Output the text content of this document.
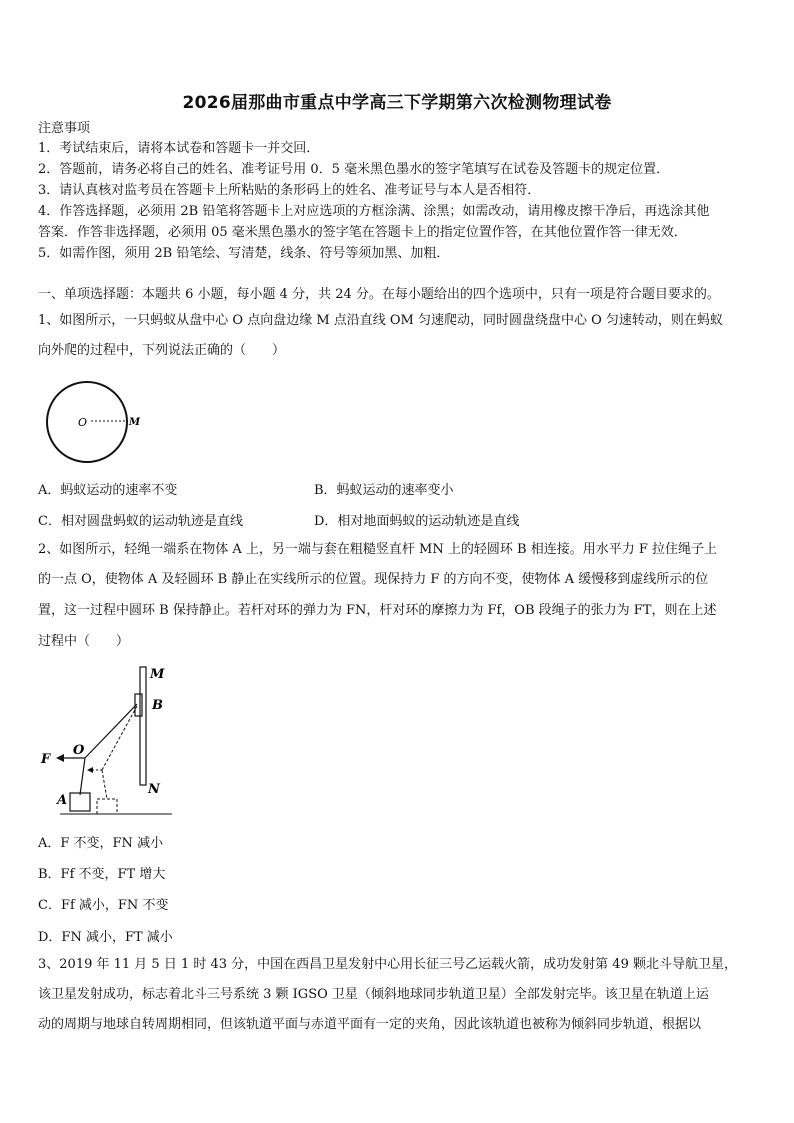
2026届那曲市重点中学高三下学期第六次检测物理试卷
注意事项
1．考试结束后，请将本试卷和答题卡一并交回．
2．答题前，请务必将自己的姓名、准考证号用 0．5 毫米黑色墨水的签字笔填写在试卷及答题卡的规定位置．
3．请认真核对监考员在答题卡上所粘贴的条形码上的姓名、准考证号与本人是否相符．
4．作答选择题，必须用 2B 铅笔将答题卡上对应选项的方框涂满、涂黑；如需改动，请用橡皮擦干净后，再选涂其他
答案．作答非选择题，必须用 05 毫米黑色墨水的签字笔在答题卡上的指定位置作答，在其他位置作答一律无效．
5．如需作图，须用 2B 铅笔绘、写清楚，线条、符号等须加黑、加粗．
一、单项选择题：本题共 6 小题，每小题 4 分，共 24 分。在每小题给出的四个选项中，只有一项是符合题目要求的。
1、如图所示，一只蚂蚁从盘中心 O 点向盘边缘 M 点沿直线 OM 匀速爬动，同时圆盘绕盘中心 O 匀速转动，则在蚂蚁
向外爬的过程中，下列说法正确的（　　）
O	M
A．蚂蚁运动的速率不变	B．蚂蚁运动的速率变小
C．相对圆盘蚂蚁的运动轨迹是直线	D．相对地面蚂蚁的运动轨迹是直线
2、如图所示，轻绳一端系在物体 A 上，另一端与套在粗糙竖直杆 MN 上的轻圆环 B 相连接。用水平力 F 拉住绳子上
的一点 O，使物体 A 及轻圆环 B 静止在实线所示的位置。现保持力 F 的方向不变，使物体 A 缓慢移到虚线所示的位
置，这一过程中圆环 B 保持静止。若杆对环的弹力为 FN，杆对环的摩擦力为 Ff，OB 段绳子的张力为 FT，则在上述
过程中（　　）
M
B
O
F
A
N
A．F 不变，FN 减小
B．Ff 不变，FT 增大
C．Ff 减小，FN 不变
D．FN 减小，FT 减小
3、2019 年 11 月 5 日 1 时 43 分，中国在西昌卫星发射中心用长征三号乙运载火箭，成功发射第 49 颗北斗导航卫星，
该卫星发射成功，标志着北斗三号系统 3 颗 IGSO 卫星（倾斜地球同步轨道卫星）全部发射完毕。该卫星在轨道上运
动的周期与地球自转周期相同，但该轨道平面与赤道平面有一定的夹角，因此该轨道也被称为倾斜同步轨道，根据以
